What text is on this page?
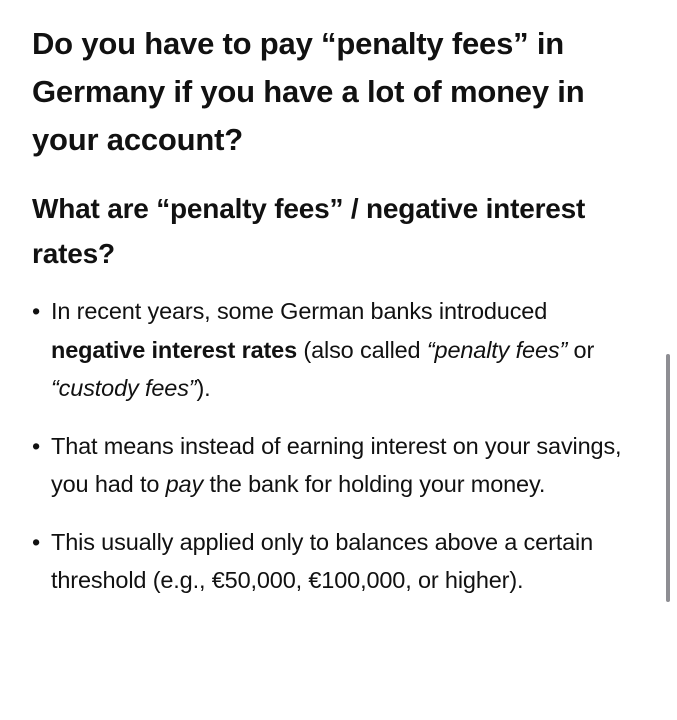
Do you have to pay “penalty fees” in Germany if you have a lot of money in your account?
What are “penalty fees” / negative interest rates?
• In recent years, some German banks introduced negative interest rates (also called “penalty fees” or “custody fees”).
• That means instead of earning interest on your savings, you had to pay the bank for holding your money.
• This usually applied only to balances above a certain threshold (e.g., €50,000, €100,000, or higher).
